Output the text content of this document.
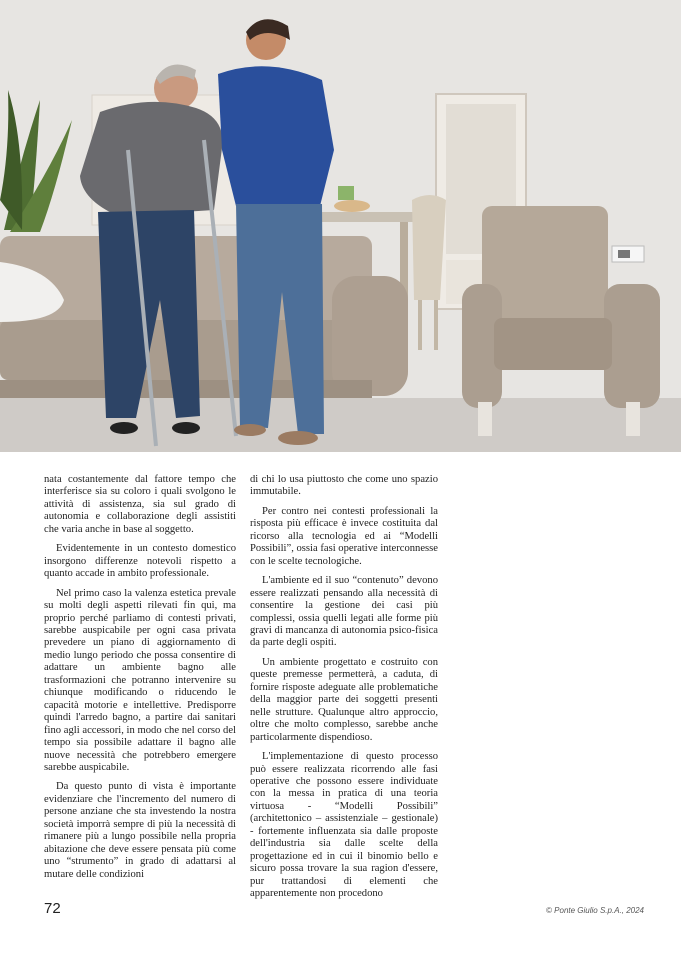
nata costantemente dal fattore tempo che interferisce sia su coloro i quali svolgono le attività di assistenza, sia sul grado di autonomia e collaborazione degli assistiti che varia anche in base al soggetto.

Evidentemente in un contesto domestico insorgono differenze notevoli rispetto a quanto accade in ambito professionale.

Nel primo caso la valenza estetica prevale su molti degli aspetti rilevati fin qui, ma proprio perché parliamo di contesti privati, sarebbe auspicabile per ogni casa privata prevedere un piano di aggiornamento di medio lungo periodo che possa consentire di adattare un ambiente bagno alle trasformazioni che potranno intervenire su chiunque modificando o riducendo le capacità motorie e intellettive. Predisporre quindi l'arredo bagno, a partire dai sanitari fino agli accessori, in modo che nel corso del tempo sia possibile adattare il bagno alle nuove necessità che potrebbero emergere sarebbe auspicabile.

Da questo punto di vista è importante evidenziare che l'incremento del numero di persone anziane che sta investendo la nostra società imporrà sempre di più la necessità di rimanere più a lungo possibile nella propria abitazione che deve essere pensata più come uno “strumento” in grado di adattarsi al mutare delle condizioni

di chi lo usa piuttosto che come uno spazio immutabile.

Per contro nei contesti professionali la risposta più efficace è invece costituita dal ricorso alla tecnologia ed ai “Modelli Possibili”, ossia fasi operative interconnesse con le scelte tecnologiche.

L'ambiente ed il suo “contenuto” devono essere realizzati pensando alla necessità di consentire la gestione dei casi più complessi, ossia quelli legati alle forme più gravi di mancanza di autonomia psico-fisica da parte degli ospiti.

Un ambiente progettato e costruito con queste premesse permetterà, a caduta, di fornire risposte adeguate alle problematiche della maggior parte dei soggetti presenti nelle strutture. Qualunque altro approccio, oltre che molto complesso, sarebbe anche particolarmente dispendioso.

L'implementazione di questo processo può essere realizzata ricorrendo alle fasi operative che possono essere individuate con la messa in pratica di una teoria virtuosa - “Modelli Possibili” (architettonico – assistenziale – gestionale) - fortemente influenzata sia dalle proposte dell'industria sia dalle scelte della progettazione ed in cui il binomio bello e sicuro possa trovare la sua ragion d'essere, pur trattandosi di elementi che apparentemente non procedono

72	© Ponte Giulio S.p.A., 2024
